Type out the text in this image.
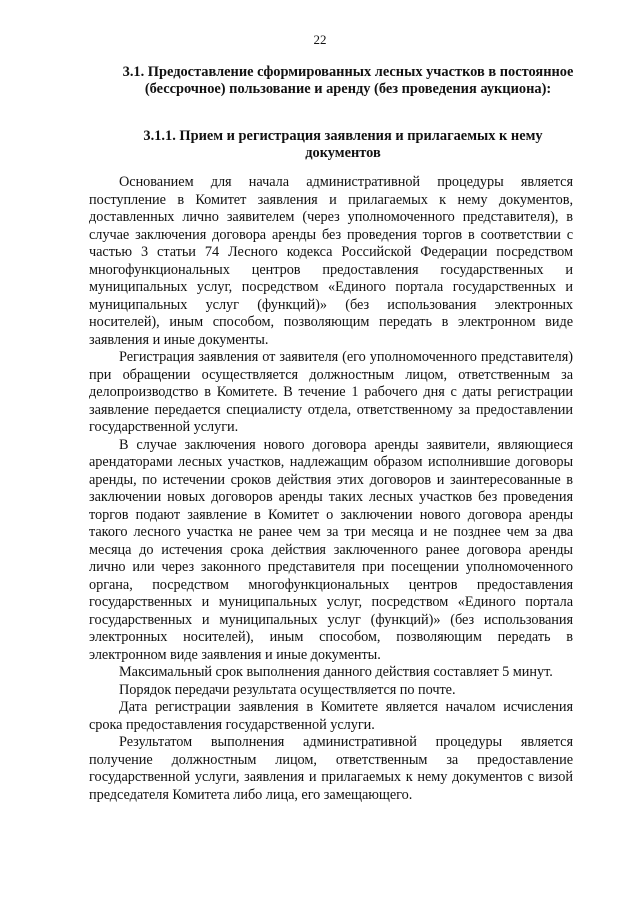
22
3.1. Предоставление сформированных лесных участков в постоянное (бессрочное) пользование и аренду (без проведения аукциона):
3.1.1. Прием и регистрация заявления и прилагаемых к нему документов

Основанием для начала административной процедуры является поступление в Комитет заявления и прилагаемых к нему документов, доставленных лично заявителем (через уполномоченного представителя), в случае заключения договора аренды без проведения торгов в соответствии с частью 3 статьи 74 Лесного кодекса Российской Федерации посредством многофункциональных центров предоставления государственных и муниципальных услуг, посредством «Единого портала государственных и муниципальных услуг (функций)» (без использования электронных носителей), иным способом, позволяющим передать в электронном виде заявления и иные документы.

Регистрация заявления от заявителя (его уполномоченного представителя) при обращении осуществляется должностным лицом, ответственным за делопроизводство в Комитете. В течение 1 рабочего дня с даты регистрации заявление передается специалисту отдела, ответственному за предоставлении государственной услуги.

В случае заключения нового договора аренды заявители, являющиеся арендаторами лесных участков, надлежащим образом исполнившие договоры аренды, по истечении сроков действия этих договоров и заинтересованные в заключении новых договоров аренды таких лесных участков без проведения торгов подают заявление в Комитет о заключении нового договора аренды такого лесного участка не ранее чем за три месяца и не позднее чем за два месяца до истечения срока действия заключенного ранее договора аренды лично или через законного представителя при посещении уполномоченного органа, посредством многофункциональных центров предоставления государственных и муниципальных услуг, посредством «Единого портала государственных и муниципальных услуг (функций)» (без использования электронных носителей), иным способом, позволяющим передать в электронном виде заявления и иные документы.

Максимальный срок выполнения данного действия составляет 5 минут.

Порядок передачи результата осуществляется по почте.

Дата регистрации заявления в Комитете является началом исчисления срока предоставления государственной услуги.

Результатом выполнения административной процедуры является получение должностным лицом, ответственным за предоставление государственной услуги, заявления и прилагаемых к нему документов с визой председателя Комитета либо лица, его замещающего.
